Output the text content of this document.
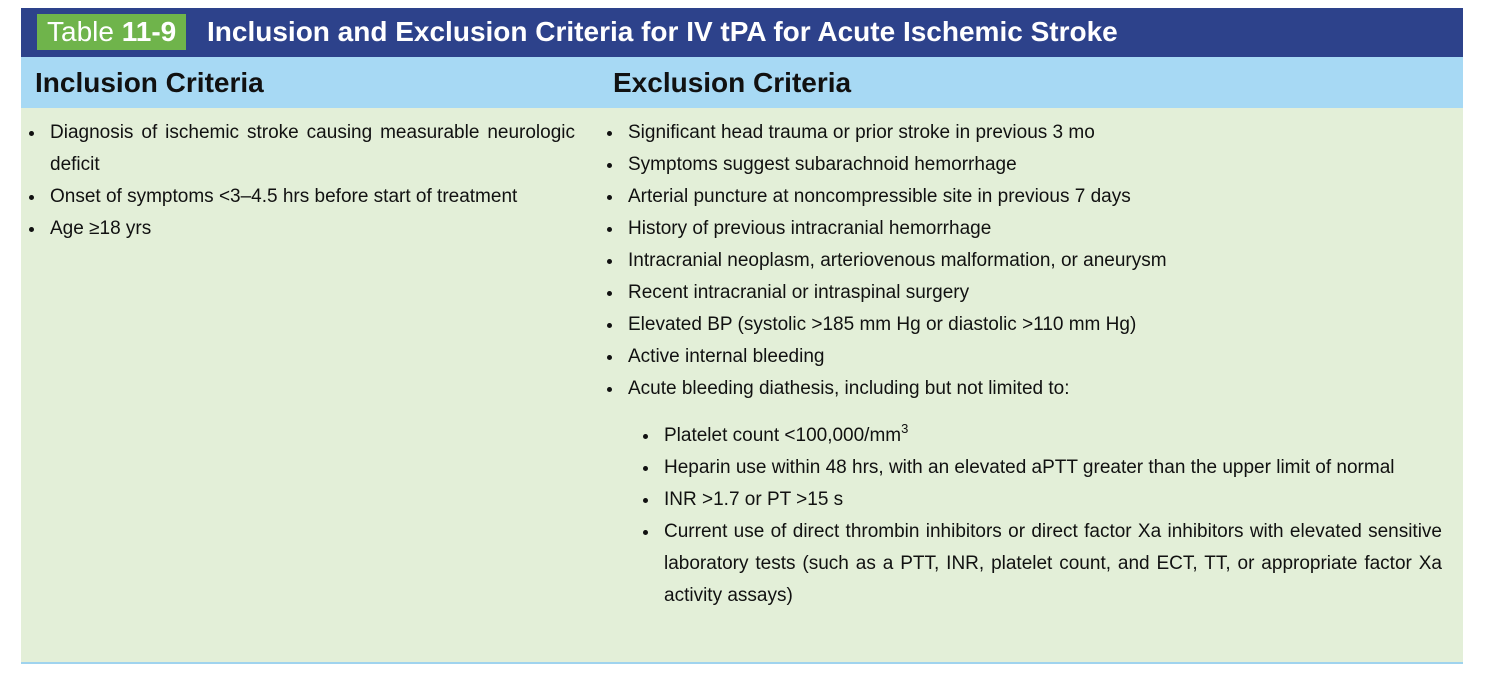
Table 11-9	Inclusion and Exclusion Criteria for IV tPA for Acute Ischemic Stroke
Inclusion Criteria	Exclusion Criteria
Diagnosis of ischemic stroke causing measurable neurologic deficit
Onset of symptoms <3–4.5 hrs before start of treatment
Age ≥18 yrs
Significant head trauma or prior stroke in previous 3 mo
Symptoms suggest subarachnoid hemorrhage
Arterial puncture at noncompressible site in previous 7 days
History of previous intracranial hemorrhage
Intracranial neoplasm, arteriovenous malformation, or aneurysm
Recent intracranial or intraspinal surgery
Elevated BP (systolic >185 mm Hg or diastolic >110 mm Hg)
Active internal bleeding
Acute bleeding diathesis, including but not limited to:
Platelet count $<100,000/mm^3$
Heparin use within 48 hrs, with an elevated aPTT greater than the upper limit of normal
INR >1.7 or PT >15 s
Current use of direct thrombin inhibitors or direct factor Xa inhibitors with elevated sensitive laboratory tests (such as a PTT, INR, platelet count, and ECT, TT, or appropriate factor Xa activity assays)
